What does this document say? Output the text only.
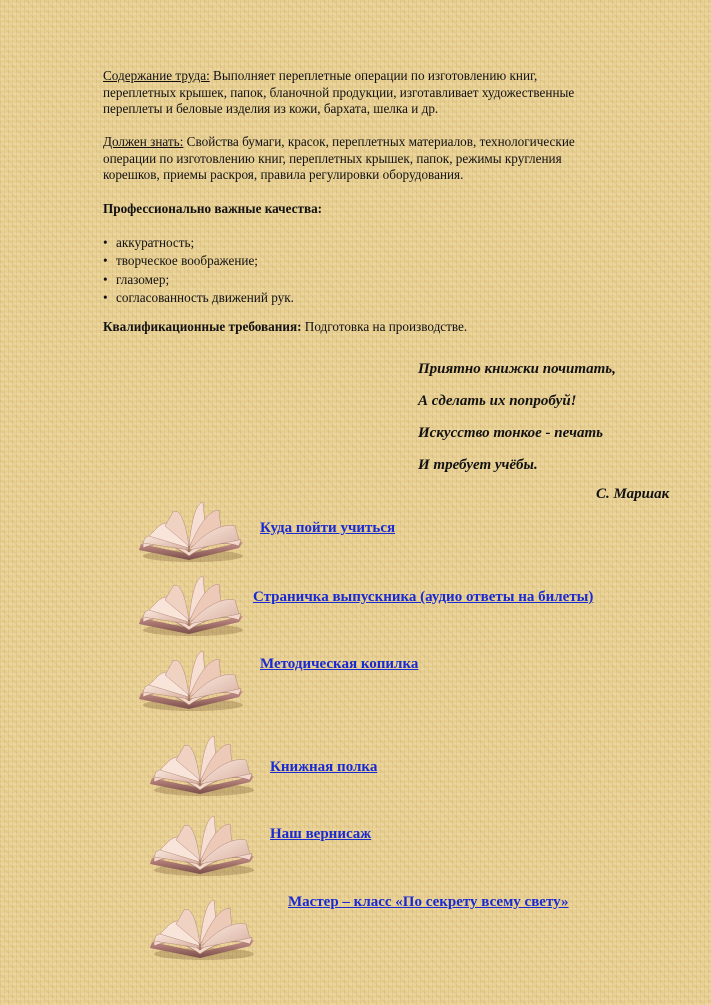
Содержание труда: Выполняет переплетные операции по изготовлению книг,
переплетных крышек, папок, бланочной продукции, изготавливает художественные
переплеты и беловые изделия из кожи, бархата, шелка и др.
Должен знать: Свойства бумаги, красок, переплетных материалов, технологические
операции по изготовлению книг, переплетных крышек, папок, режимы кругления
корешков, приемы раскроя, правила регулировки оборудования.
Профессионально важные качества:
• аккуратность;
• творческое воображение;
• глазомер;
• согласованность движений рук.
Квалификационные требования: Подготовка на производстве.
Приятно книжки почитать,
А сделать их попробуй!
Искусство тонкое - печать
И требует учёбы.
С. Маршак
Куда пойти учиться
Страничка выпускника (аудио ответы на билеты)
Методическая копилка
Книжная полка
Наш вернисаж
Мастер – класс «По секрету всему свету»
